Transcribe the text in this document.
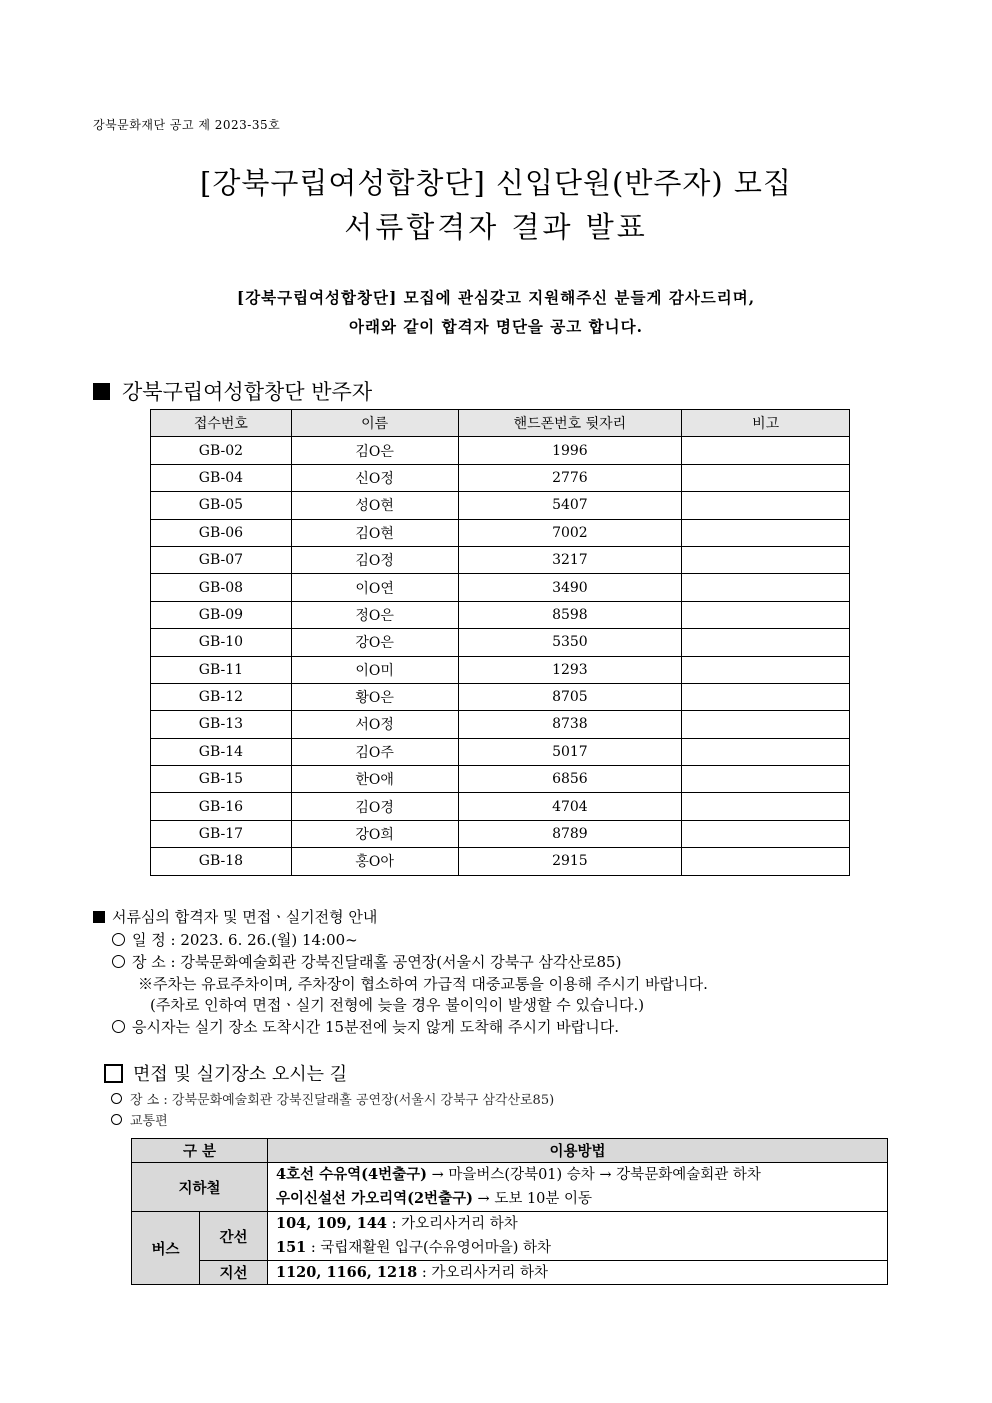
강북문화재단 공고 제 2023-35호
[강북구립여성합창단] 신입단원(반주자) 모집
서류합격자 결과 발표
[강북구립여성합창단] 모집에 관심갖고 지원해주신 분들게 감사드리며,
아래와 같이 합격자 명단을 공고 합니다.
강북구립여성합창단 반주자
접수번호	이름	핸드폰번호 뒷자리	비고
GB-02	김O은	1996	
GB-04	신O정	2776	
GB-05	성O현	5407	
GB-06	김O현	7002	
GB-07	김O정	3217	
GB-08	이O연	3490	
GB-09	정O은	8598	
GB-10	강O은	5350	
GB-11	이O미	1293	
GB-12	황O은	8705	
GB-13	서O정	8738	
GB-14	김O주	5017	
GB-15	한O애	6856	
GB-16	김O경	4704	
GB-17	강O희	8789	
GB-18	홍O아	2915	
서류심의 합격자 및 면접ㆍ실기전형 안내
일 정 : 2023. 6. 26.(월) 14:00~
장 소 : 강북문화예술회관 강북진달래홀 공연장(서울시 강북구 삼각산로85)
※주차는 유료주차이며, 주차장이 협소하여 가급적 대중교통을 이용해 주시기 바랍니다.
(주차로 인하여 면접ㆍ실기 전형에 늦을 경우 불이익이 발생할 수 있습니다.)
응시자는 실기 장소 도착시간 15분전에 늦지 않게 도착해 주시기 바랍니다.
면접 및 실기장소 오시는 길
장 소 : 강북문화예술회관 강북진달래홀 공연장(서울시 강북구 삼각산로85)
교통편
구 분		이용방법
지하철		4호선 수유역(4번출구) → 마을버스(강북01) 승차 → 강북문화예술회관 하차
우이신설선 가오리역(2번출구) → 도보 10분 이동

버스	간선	104, 109, 144 : 가오리사거리 하차
151 : 국립재활원 입구(수유영어마을) 하차

	지선	1120, 1166, 1218 : 가오리사거리 하차
